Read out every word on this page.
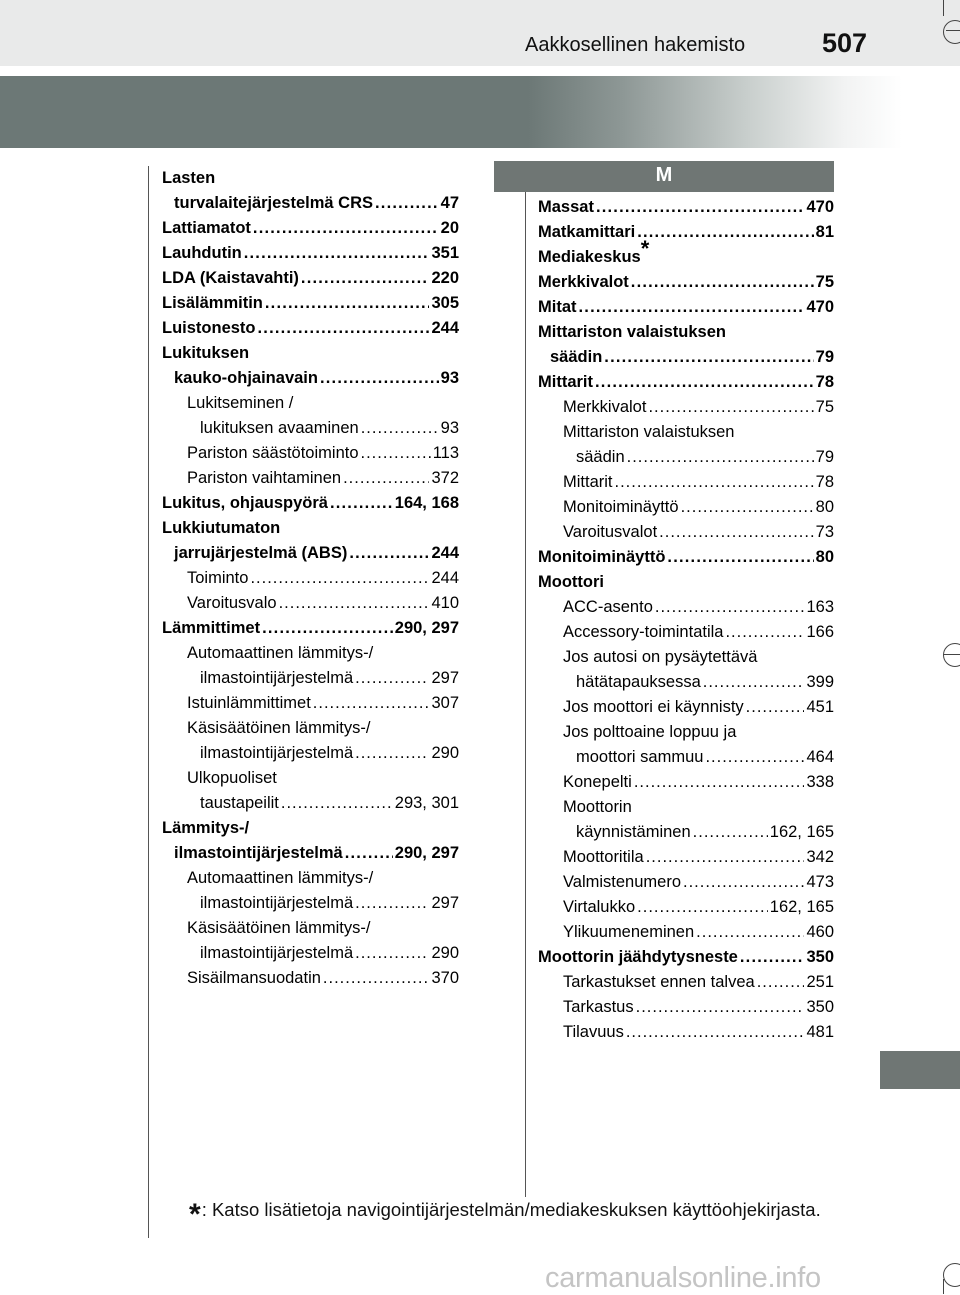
Aakkosellinen hakemisto	507
M
Lasten
turvalaitejärjestelmä CRS .....	47
Lattiamatot .....	20
Lauhdutin .....	351
LDA (Kaistavahti) .....	220
Lisälämmitin .....	305
Luistonesto .....	244
Lukituksen
kauko-ohjainavain .....	93
Lukitseminen /
lukituksen avaaminen .....	93
Pariston säästötoiminto .....	113
Pariston vaihtaminen .....	372
Lukitus, ohjauspyörä .....	164, 168
Lukkiutumaton
jarrujärjestelmä (ABS) .....	244
Toiminto .....	244
Varoitusvalo .....	410
Lämmittimet .....	290, 297
Automaattinen lämmitys-/
ilmastointijärjestelmä .....	297
Istuinlämmittimet .....	307
Käsisäätöinen lämmitys-/
ilmastointijärjestelmä .....	290
Ulkopuoliset
taustapeilit .....	293, 301
Lämmitys-/
ilmastointijärjestelmä .....	290, 297
Automaattinen lämmitys-/
ilmastointijärjestelmä .....	297
Käsisäätöinen lämmitys-/
ilmastointijärjestelmä .....	290
Sisäilmansuodatin .....	370
Massat .....	470
Matkamittari .....	81
Mediakeskus*
Merkkivalot .....	75
Mitat .....	470
Mittariston valaistuksen
säädin .....	79
Mittarit .....	78
Merkkivalot .....	75
Mittariston valaistuksen
säädin .....	79
Mittarit .....	78
Monitoiminäyttö .....	80
Varoitusvalot .....	73
Monitoiminäyttö .....	80
Moottori
ACC-asento .....	163
Accessory-toimintatila .....	166
Jos autosi on pysäytettävä
hätätapauksessa .....	399
Jos moottori ei käynnisty .....	451
Jos polttoaine loppuu ja
moottori sammuu .....	464
Konepelti .....	338
Moottorin
käynnistäminen .....	162, 165
Moottoritila .....	342
Valmistenumero .....	473
Virtalukko .....	162, 165
Ylikuumeneminen .....	460
Moottorin jäähdytysneste .....	350
Tarkastukset ennen talvea .....	251
Tarkastus .....	350
Tilavuus .....	481
*: Katso lisätietoja navigointijärjestelmän/mediakeskuksen käyttöohjekirjasta.
carmanualsonline.info
